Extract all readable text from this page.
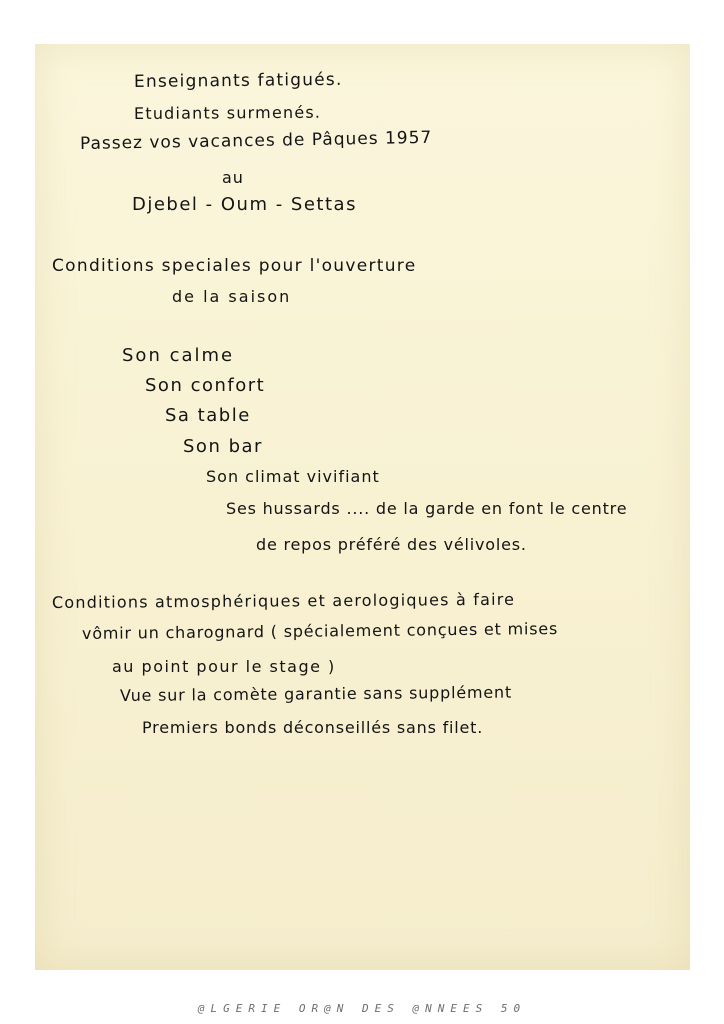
Enseignants fatigués.
Etudiants surmenés.
Passez vos vacances de Pâques 1957
au
Djebel - Oum - Settas
Conditions speciales pour l'ouverture
de la saison
Son calme
Son confort
Sa table
Son bar
Son climat vivifiant
Ses hussards .... de la garde en font le centre
de repos préféré des vélivoles.
Conditions atmosphériques et aerologiques à faire
vômir un charognard ( spécialement conçues et mises
au point pour le stage )
Vue sur la comète garantie sans supplément
Premiers bonds déconseillés sans filet.
@LGERIE OR@N DES @NNEES 50
